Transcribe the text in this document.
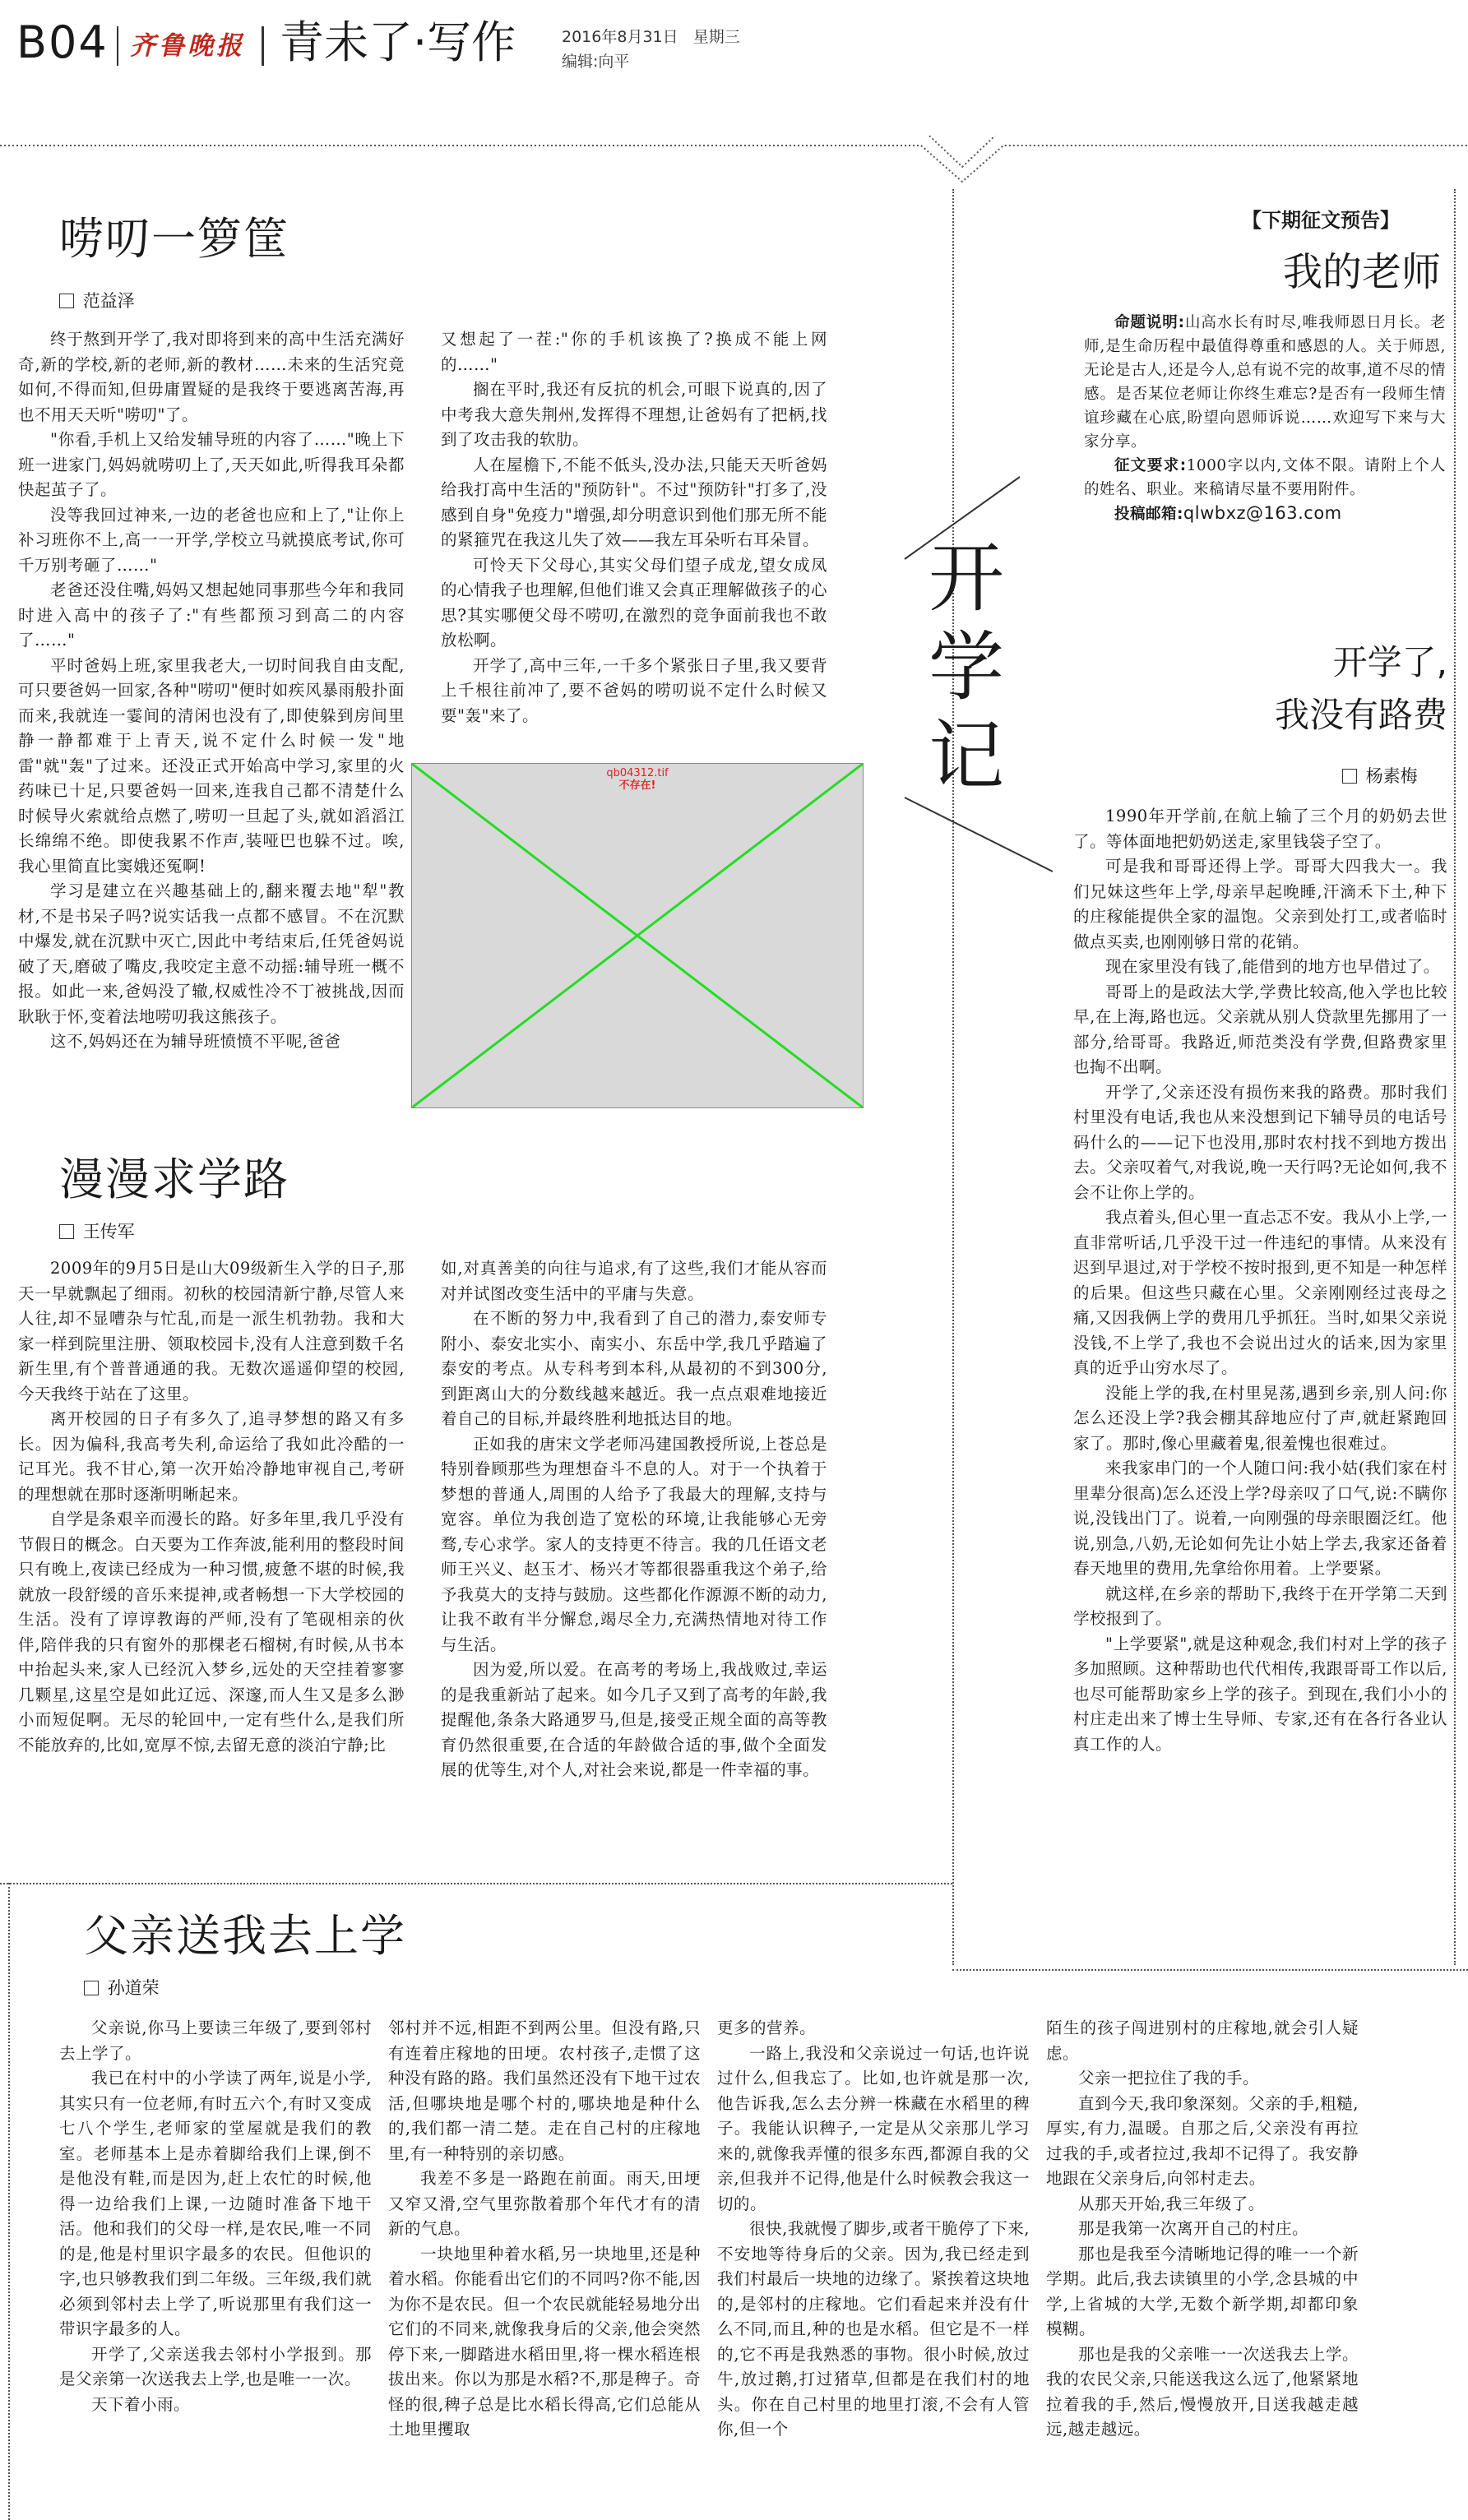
B04 齐鲁晚报 青未了·写作	2016年8月31日 星期三
编辑:向平
开学记
唠叨一箩筐
范益泽

终于熬到开学了,我对即将到来的高中生活充满好奇,新的学校,新的老师,新的教材……未来的生活究竟如何,不得而知,但毋庸置疑的是我终于要逃离苦海,再也不用天天听"唠叨"了。

"你看,手机上又给发辅导班的内容了……"晚上下班一进家门,妈妈就唠叨上了,天天如此,听得我耳朵都快起茧子了。

没等我回过神来,一边的老爸也应和上了,"让你上补习班你不上,高一一开学,学校立马就摸底考试,你可千万别考砸了……"

老爸还没住嘴,妈妈又想起她同事那些今年和我同时进入高中的孩子了:"有些都预习到高二的内容了……"

平时爸妈上班,家里我老大,一切时间我自由支配,可只要爸妈一回家,各种"唠叨"便时如疾风暴雨般扑面而来,我就连一霎间的清闲也没有了,即使躲到房间里静一静都难于上青天,说不定什么时候一发"地雷"就"轰"了过来。还没正式开始高中学习,家里的火药味已十足,只要爸妈一回来,连我自己都不清楚什么时候导火索就给点燃了,唠叨一旦起了头,就如滔滔江长绵绵不绝。即使我累不作声,装哑巴也躲不过。唉,我心里简直比窦娥还冤啊!

学习是建立在兴趣基础上的,翻来覆去地"犁"教材,不是书呆子吗?说实话我一点都不感冒。不在沉默中爆发,就在沉默中灭亡,因此中考结束后,任凭爸妈说破了天,磨破了嘴皮,我咬定主意不动摇:辅导班一概不报。如此一来,爸妈没了辙,权威性冷不丁被挑战,因而耿耿于怀,变着法地唠叨我这熊孩子。

这不,妈妈还在为辅导班愤愤不平呢,爸爸

又想起了一茬:"你的手机该换了?换成不能上网的……"

搁在平时,我还有反抗的机会,可眼下说真的,因了中考我大意失荆州,发挥得不理想,让爸妈有了把柄,找到了攻击我的软肋。

人在屋檐下,不能不低头,没办法,只能天天听爸妈给我打高中生活的"预防针"。不过"预防针"打多了,没感到自身"免疫力"增强,却分明意识到他们那无所不能的紧箍咒在我这儿失了效——我左耳朵听右耳朵冒。

可怜天下父母心,其实父母们望子成龙,望女成凤的心情我子也理解,但他们谁又会真正理解做孩子的心思?其实哪便父母不唠叨,在激烈的竞争面前我也不敢放松啊。

开学了,高中三年,一千多个紧张日子里,我又要背上千根往前冲了,要不爸妈的唠叨说不定什么时候又要"轰"来了。

qb04312.tif
不存在!
漫漫求学路
王传军

2009年的9月5日是山大09级新生入学的日子,那天一早就飘起了细雨。初秋的校园清新宁静,尽管人来人往,却不显嘈杂与忙乱,而是一派生机勃勃。我和大家一样到院里注册、领取校园卡,没有人注意到数千名新生里,有个普普通通的我。无数次遥遥仰望的校园,今天我终于站在了这里。

离开校园的日子有多久了,追寻梦想的路又有多长。因为偏科,我高考失利,命运给了我如此冷酷的一记耳光。我不甘心,第一次开始冷静地审视自己,考研的理想就在那时逐渐明晰起来。

自学是条艰辛而漫长的路。好多年里,我几乎没有节假日的概念。白天要为工作奔波,能利用的整段时间只有晚上,夜读已经成为一种习惯,疲惫不堪的时候,我就放一段舒缓的音乐来提神,或者畅想一下大学校园的生活。没有了谆谆教诲的严师,没有了笔砚相亲的伙伴,陪伴我的只有窗外的那棵老石榴树,有时候,从书本中抬起头来,家人已经沉入梦乡,远处的天空挂着寥寥几颗星,这星空是如此辽远、深邃,而人生又是多么渺小而短促啊。无尽的轮回中,一定有些什么,是我们所不能放弃的,比如,宽厚不惊,去留无意的淡泊宁静;比

如,对真善美的向往与追求,有了这些,我们才能从容而对并试图改变生活中的平庸与失意。

在不断的努力中,我看到了自己的潜力,泰安师专附小、泰安北实小、南实小、东岳中学,我几乎踏遍了泰安的考点。从专科考到本科,从最初的不到300分,到距离山大的分数线越来越近。我一点点艰难地接近着自己的目标,并最终胜利地抵达目的地。

正如我的唐宋文学老师冯建国教授所说,上苍总是特别眷顾那些为理想奋斗不息的人。对于一个执着于梦想的普通人,周围的人给予了我最大的理解,支持与宽容。单位为我创造了宽松的环境,让我能够心无旁骛,专心求学。家人的支持更不待言。我的几任语文老师王兴义、赵玉才、杨兴才等都很器重我这个弟子,给予我莫大的支持与鼓励。这些都化作源源不断的动力,让我不敢有半分懈怠,竭尽全力,充满热情地对待工作与生活。

因为爱,所以爱。在高考的考场上,我战败过,幸运的是我重新站了起来。如今几子又到了高考的年龄,我提醒他,条条大路通罗马,但是,接受正规全面的高等教育仍然很重要,在合适的年龄做合适的事,做个全面发展的优等生,对个人,对社会来说,都是一件幸福的事。

父亲送我去上学
孙道荣

父亲说,你马上要读三年级了,要到邻村去上学了。

我已在村中的小学读了两年,说是小学,其实只有一位老师,有时五六个,有时又变成七八个学生,老师家的堂屋就是我们的教室。老师基本上是赤着脚给我们上课,倒不是他没有鞋,而是因为,赶上农忙的时候,他得一边给我们上课,一边随时准备下地干活。他和我们的父母一样,是农民,唯一不同的是,他是村里识字最多的农民。但他识的字,也只够教我们到二年级。三年级,我们就必须到邻村去上学了,听说那里有我们这一带识字最多的人。

开学了,父亲送我去邻村小学报到。那是父亲第一次送我去上学,也是唯一一次。

天下着小雨。

邻村并不远,相距不到两公里。但没有路,只有连着庄稼地的田埂。农村孩子,走惯了这种没有路的路。我们虽然还没有下地干过农活,但哪块地是哪个村的,哪块地是种什么的,我们都一清二楚。走在自己村的庄稼地里,有一种特别的亲切感。

我差不多是一路跑在前面。雨天,田埂又窄又滑,空气里弥散着那个年代才有的清新的气息。

一块地里种着水稻,另一块地里,还是种着水稻。你能看出它们的不同吗?你不能,因为你不是农民。但一个农民就能轻易地分出它们的不同来,就像我身后的父亲,他会突然停下来,一脚踏进水稻田里,将一棵水稻连根拔出来。你以为那是水稻?不,那是稗子。奇怪的很,稗子总是比水稻长得高,它们总能从土地里攫取

更多的营养。

一路上,我没和父亲说过一句话,也许说过什么,但我忘了。比如,也许就是那一次,他告诉我,怎么去分辨一株藏在水稻里的稗子。我能认识稗子,一定是从父亲那儿学习来的,就像我弄懂的很多东西,都源自我的父亲,但我并不记得,他是什么时候教会我这一切的。

很快,我就慢了脚步,或者干脆停了下来,不安地等待身后的父亲。因为,我已经走到我们村最后一块地的边缘了。紧挨着这块地的,是邻村的庄稼地。它们看起来并没有什么不同,而且,种的也是水稻。但它是不一样的,它不再是我熟悉的事物。很小时候,放过牛,放过鹅,打过猪草,但都是在我们村的地头。你在自己村里的地里打滚,不会有人管你,但一个

陌生的孩子闯进别村的庄稼地,就会引人疑虑。

父亲一把拉住了我的手。

直到今天,我印象深刻。父亲的手,粗糙,厚实,有力,温暖。自那之后,父亲没有再拉过我的手,或者拉过,我却不记得了。我安静地跟在父亲身后,向邻村走去。

从那天开始,我三年级了。

那是我第一次离开自己的村庄。

那也是我至今清晰地记得的唯一一个新学期。此后,我去读镇里的小学,念县城的中学,上省城的大学,无数个新学期,却都印象模糊。

那也是我的父亲唯一一次送我去上学。我的农民父亲,只能送我这么远了,他紧紧地拉着我的手,然后,慢慢放开,目送我越走越远,越走越远。

【下期征文预告】
我的老师

命题说明:山高水长有时尽,唯我师恩日月长。老师,是生命历程中最值得尊重和感恩的人。关于师恩,无论是古人,还是今人,总有说不完的故事,道不尽的情感。是否某位老师让你终生难忘?是否有一段师生情谊珍藏在心底,盼望向恩师诉说……欢迎写下来与大家分享。

征文要求:1000字以内,文体不限。请附上个人的姓名、职业。来稿请尽量不要用附件。

投稿邮箱:qlwbxz@163.com

开学了,
我没有路费
杨素梅

1990年开学前,在航上输了三个月的奶奶去世了。等体面地把奶奶送走,家里钱袋子空了。

可是我和哥哥还得上学。哥哥大四我大一。我们兄妹这些年上学,母亲早起晚睡,汗滴禾下土,种下的庄稼能提供全家的温饱。父亲到处打工,或者临时做点买卖,也刚刚够日常的花销。

现在家里没有钱了,能借到的地方也早借过了。

哥哥上的是政法大学,学费比较高,他入学也比较早,在上海,路也远。父亲就从别人贷款里先挪用了一部分,给哥哥。我路近,师范类没有学费,但路费家里也掏不出啊。

开学了,父亲还没有损伤来我的路费。那时我们村里没有电话,我也从来没想到记下辅导员的电话号码什么的——记下也没用,那时农村找不到地方拨出去。父亲叹着气,对我说,晚一天行吗?无论如何,我不会不让你上学的。

我点着头,但心里一直忐忑不安。我从小上学,一直非常听话,几乎没干过一件违纪的事情。从来没有迟到早退过,对于学校不按时报到,更不知是一种怎样的后果。但这些只藏在心里。父亲刚刚经过丧母之痛,又因我俩上学的费用几乎抓狂。当时,如果父亲说没钱,不上学了,我也不会说出过火的话来,因为家里真的近乎山穷水尽了。

没能上学的我,在村里晃荡,遇到乡亲,别人问:你怎么还没上学?我会棚其辞地应付了声,就赶紧跑回家了。那时,像心里藏着鬼,很羞愧也很难过。

来我家串门的一个人随口问:我小姑(我们家在村里辈分很高)怎么还没上学?母亲叹了口气,说:不瞒你说,没钱出门了。说着,一向刚强的母亲眼圈泛红。他说,别急,八奶,无论如何先让小姑上学去,我家还备着春天地里的费用,先拿给你用着。上学要紧。

就这样,在乡亲的帮助下,我终于在开学第二天到学校报到了。

"上学要紧",就是这种观念,我们村对上学的孩子多加照顾。这种帮助也代代相传,我跟哥哥工作以后,也尽可能帮助家乡上学的孩子。到现在,我们小小的村庄走出来了博士生导师、专家,还有在各行各业认真工作的人。
